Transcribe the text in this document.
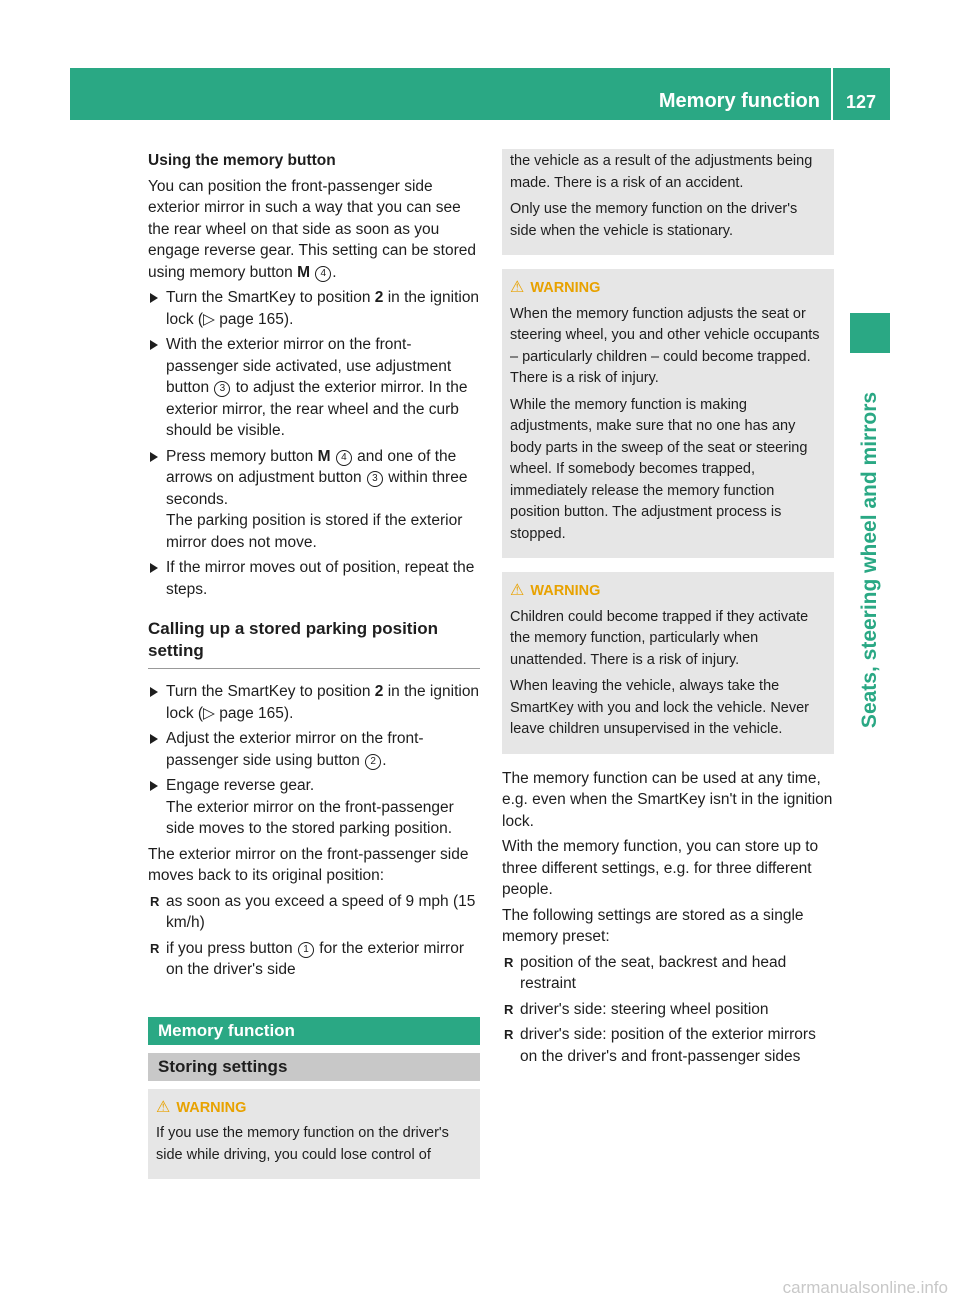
Memory function 127
Seats, steering wheel and mirrors

Using the memory button

You can position the front-passenger side exterior mirror in such a way that you can see the rear wheel on that side as soon as you engage reverse gear. This setting can be stored using memory button M 4 .

Turn the SmartKey to position 2 in the ignition lock (▷ page 165).
With the exterior mirror on the front-passenger side activated, use adjustment button 3 to adjust the exterior mirror. In the exterior mirror, the rear wheel and the curb should be visible.
Press memory button M 4 and one of the arrows on adjustment button 3 within three seconds.
The parking position is stored if the exterior mirror does not move.
If the mirror moves out of position, repeat the steps.
Calling up a stored parking position setting
Turn the SmartKey to position 2 in the ignition lock (▷ page 165).
Adjust the exterior mirror on the front-passenger side using button 2 .
Engage reverse gear.
The exterior mirror on the front-passenger side moves to the stored parking position.

The exterior mirror on the front-passenger side moves back to its original position:

R as soon as you exceed a speed of 9 mph (15 km/h)
R if you press button 1 for the exterior mirror on the driver's side
Memory function
Storing settings
⚠ WARNING

If you use the memory function on the driver's side while driving, you could lose control of

the vehicle as a result of the adjustments being made. There is a risk of an accident.

Only use the memory function on the driver's side when the vehicle is stationary.

⚠ WARNING

When the memory function adjusts the seat or steering wheel, you and other vehicle occupants – particularly children – could become trapped. There is a risk of injury.

While the memory function is making adjustments, make sure that no one has any body parts in the sweep of the seat or steering wheel. If somebody becomes trapped, immediately release the memory function position button. The adjustment process is stopped.

⚠ WARNING

Children could become trapped if they activate the memory function, particularly when unattended. There is a risk of injury.

When leaving the vehicle, always take the SmartKey with you and lock the vehicle. Never leave children unsupervised in the vehicle.

The memory function can be used at any time, e.g. even when the SmartKey isn't in the ignition lock.

With the memory function, you can store up to three different settings, e.g. for three different people.

The following settings are stored as a single memory preset:

R position of the seat, backrest and head restraint
R driver's side: steering wheel position
R driver's side: position of the exterior mirrors on the driver's and front-passenger sides
carmanualsonline.info
